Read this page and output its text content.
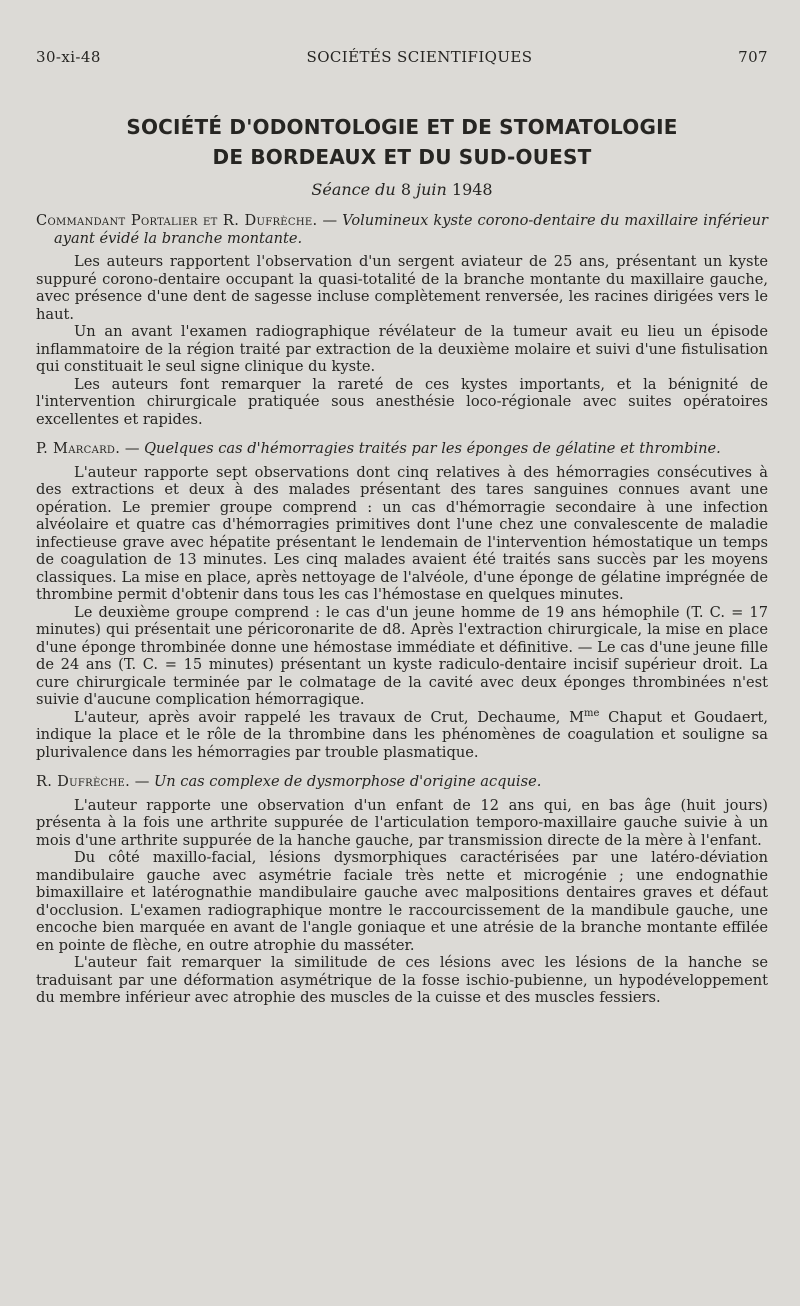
30-xi-48	SOCIÉTÉS SCIENTIFIQUES	707
SOCIÉTÉ D'ODONTOLOGIE ET DE STOMATOLOGIE
DE BORDEAUX ET DU SUD-OUEST
Séance du 8 juin 1948

Commandant Portalier et R. Dufrèche. — Volumineux kyste corono-dentaire du maxillaire inférieur ayant évidé la branche montante.

Les auteurs rapportent l'observation d'un sergent aviateur de 25 ans, présentant un kyste suppuré corono-dentaire occupant la quasi-totalité de la branche montante du maxillaire gauche, avec présence d'une dent de sagesse incluse complètement renversée, les racines dirigées vers le haut.

Un an avant l'examen radiographique révélateur de la tumeur avait eu lieu un épisode inflammatoire de la région traité par extraction de la deuxième molaire et suivi d'une fistulisation qui constituait le seul signe clinique du kyste.

Les auteurs font remarquer la rareté de ces kystes importants, et la bénignité de l'intervention chirurgicale pratiquée sous anesthésie loco-régionale avec suites opératoires excellentes et rapides.

P. Marcard. — Quelques cas d'hémorragies traités par les éponges de gélatine et thrombine.

L'auteur rapporte sept observations dont cinq relatives à des hémorragies consécutives à des extractions et deux à des malades présentant des tares sanguines connues avant une opération. Le premier groupe comprend : un cas d'hémorragie secondaire à une infection alvéolaire et quatre cas d'hémorragies primitives dont l'une chez une convalescente de maladie infectieuse grave avec hépatite présentant le lendemain de l'intervention hémostatique un temps de coagulation de 13 minutes. Les cinq malades avaient été traités sans succès par les moyens classiques. La mise en place, après nettoyage de l'alvéole, d'une éponge de gélatine imprégnée de thrombine permit d'obtenir dans tous les cas l'hémostase en quelques minutes.

Le deuxième groupe comprend : le cas d'un jeune homme de 19 ans hémophile (T. C. = 17 minutes) qui présentait une péricoronarite de d8. Après l'extraction chirurgicale, la mise en place d'une éponge thrombinée donne une hémostase immédiate et définitive. — Le cas d'une jeune fille de 24 ans (T. C. = 15 minutes) présentant un kyste radiculo-dentaire incisif supérieur droit. La cure chirurgicale terminée par le colmatage de la cavité avec deux éponges thrombinées n'est suivie d'aucune complication hémorragique.

L'auteur, après avoir rappelé les travaux de Crut, Dechaume, $M^{me}$ Chaput et Goudaert, indique la place et le rôle de la thrombine dans les phénomènes de coagulation et souligne sa plurivalence dans les hémorragies par trouble plasmatique.

R. Dufrèche. — Un cas complexe de dysmorphose d'origine acquise.

L'auteur rapporte une observation d'un enfant de 12 ans qui, en bas âge (huit jours) présenta à la fois une arthrite suppurée de l'articulation temporo-maxillaire gauche suivie à un mois d'une arthrite suppurée de la hanche gauche, par transmission directe de la mère à l'enfant.

Du côté maxillo-facial, lésions dysmorphiques caractérisées par une latéro-déviation mandibulaire gauche avec asymétrie faciale très nette et microgénie ; une endognathie bimaxillaire et latérognathie mandibulaire gauche avec malpositions dentaires graves et défaut d'occlusion. L'examen radiographique montre le raccourcissement de la mandibule gauche, une encoche bien marquée en avant de l'angle goniaque et une atrésie de la branche montante effilée en pointe de flèche, en outre atrophie du masséter.

L'auteur fait remarquer la similitude de ces lésions avec les lésions de la hanche se traduisant par une déformation asymétrique de la fosse ischio-pubienne, un hypodéveloppement du membre inférieur avec atrophie des muscles de la cuisse et des muscles fessiers.
